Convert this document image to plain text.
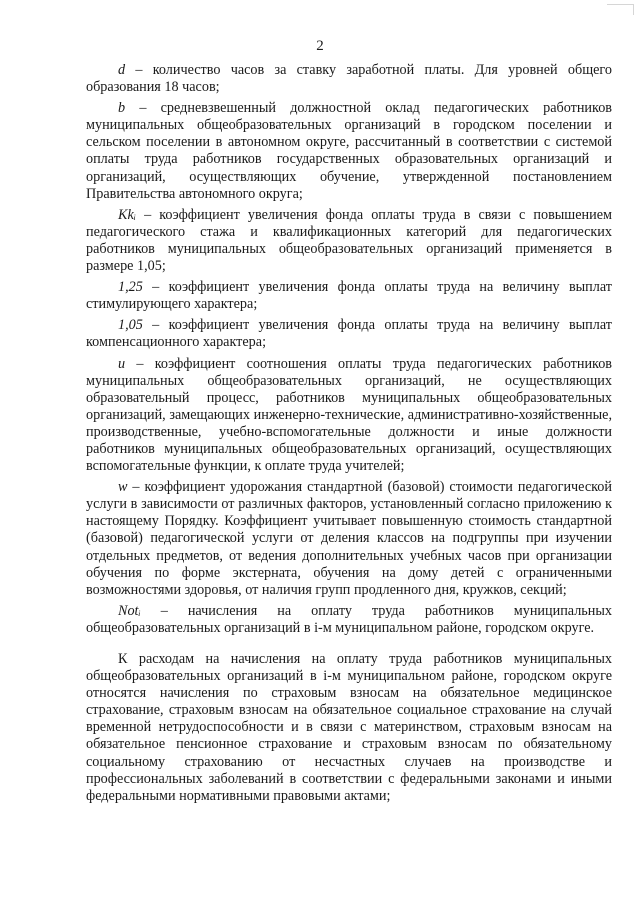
2

d – количество часов за ставку заработной платы. Для уровней общего образования 18 часов;

b – средневзвешенный должностной оклад педагогических работников муниципальных общеобразовательных организаций в городском поселении и сельском поселении в автономном округе, рассчитанный в соответствии с системой оплаты труда работников государственных образовательных организаций и организаций, осуществляющих обучение, утвержденной постановлением Правительства автономного округа;

Kkᵢ – коэффициент увеличения фонда оплаты труда в связи с повышением педагогического стажа и квалификационных категорий для педагогических работников муниципальных общеобразовательных организаций применяется в размере 1,05;

1,25 – коэффициент увеличения фонда оплаты труда на величину выплат стимулирующего характера;

1,05 – коэффициент увеличения фонда оплаты труда на величину выплат компенсационного характера;

u – коэффициент соотношения оплаты труда педагогических работников муниципальных общеобразовательных организаций, не осуществляющих образовательный процесс, работников муниципальных общеобразовательных организаций, замещающих инженерно-технические, административно-хозяйственные, производственные, учебно-вспомогательные должности и иные должности работников муниципальных общеобразовательных организаций, осуществляющих вспомогательные функции, к оплате труда учителей;

w – коэффициент удорожания стандартной (базовой) стоимости педагогической услуги в зависимости от различных факторов, установленный согласно приложению к настоящему Порядку. Коэффициент учитывает повышенную стоимость стандартной (базовой) педагогической услуги от деления классов на подгруппы при изучении отдельных предметов, от ведения дополнительных учебных часов при организации обучения по форме экстерната, обучения на дому детей с ограниченными возможностями здоровья, от наличия групп продленного дня, кружков, секций;

Notᵢ – начисления на оплату труда работников муниципальных общеобразовательных организаций в i-м муниципальном районе, городском округе.

К расходам на начисления на оплату труда работников муниципальных общеобразовательных организаций в i-м муниципальном районе, городском округе относятся начисления по страховым взносам на обязательное медицинское страхование, страховым взносам на обязательное социальное страхование на случай временной нетрудоспособности и в связи с материнством, страховым взносам на обязательное пенсионное страхование и страховым взносам по обязательному социальному страхованию от несчастных случаев на производстве и профессиональных заболеваний в соответствии с федеральными законами и иными федеральными нормативными правовыми актами;
